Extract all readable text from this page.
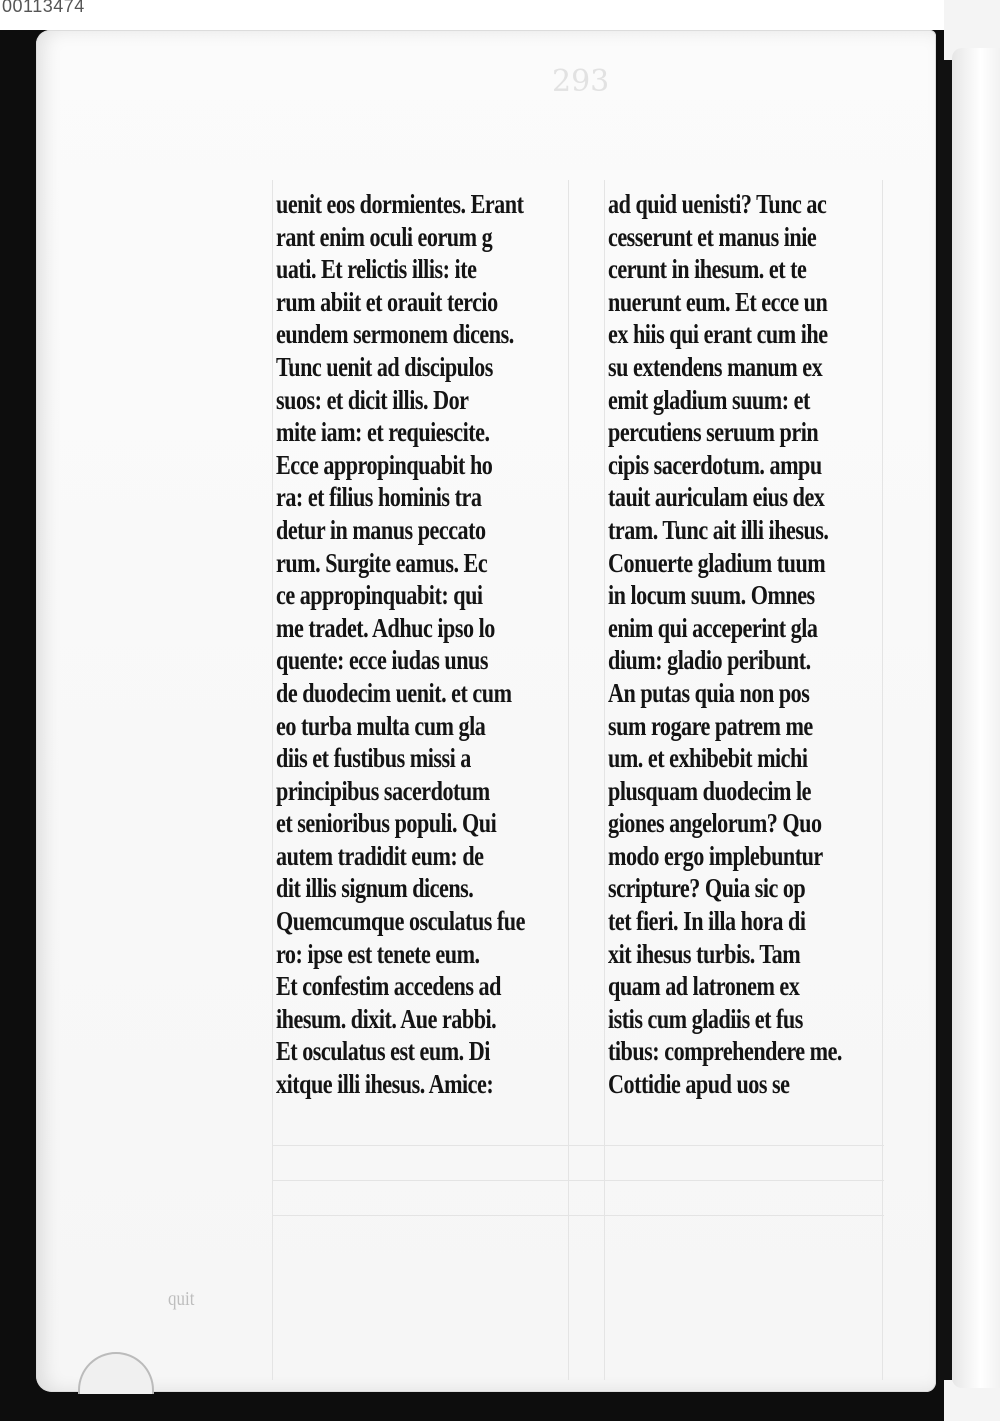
00113474
293
uenit eos dormientes. Erant
rant enim oculi eorum g
uati. Et relictis illis: ite
rum abiit et orauit tercio
eundem sermonem dicens.
Tunc uenit ad discipulos
suos: et dicit illis. Dor
mite iam: et requiescite.
Ecce appropinquabit ho
ra: et filius hominis tra
detur in manus peccato
rum. Surgite eamus. Ec
ce appropinquabit: qui
me tradet. Adhuc ipso lo
quente: ecce iudas unus
de duodecim uenit. et cum
eo turba multa cum gla
diis et fustibus missi a
principibus sacerdotum
et senioribus populi. Qui
autem tradidit eum: de
dit illis signum dicens.
Quemcumque osculatus fue
ro: ipse est tenete eum.
Et confestim accedens ad
ihesum. dixit. Aue rabbi.
Et osculatus est eum. Di
xitque illi ihesus. Amice:
ad quid uenisti? Tunc ac
cesserunt et manus inie
cerunt in ihesum. et te
nuerunt eum. Et ecce un
ex hiis qui erant cum ihe
su extendens manum ex
emit gladium suum: et
percutiens seruum prin
cipis sacerdotum. ampu
tauit auriculam eius dex
tram. Tunc ait illi ihesus.
Conuerte gladium tuum
in locum suum. Omnes
enim qui acceperint gla
dium: gladio peribunt.
An putas quia non pos
sum rogare patrem me
um. et exhibebit michi
plusquam duodecim le
giones angelorum? Quo
modo ergo implebuntur
scripture? Quia sic op
tet fieri. In illa hora di
xit ihesus turbis. Tam
quam ad latronem ex
istis cum gladiis et fus
tibus: comprehendere me.
Cottidie apud uos se
quit
